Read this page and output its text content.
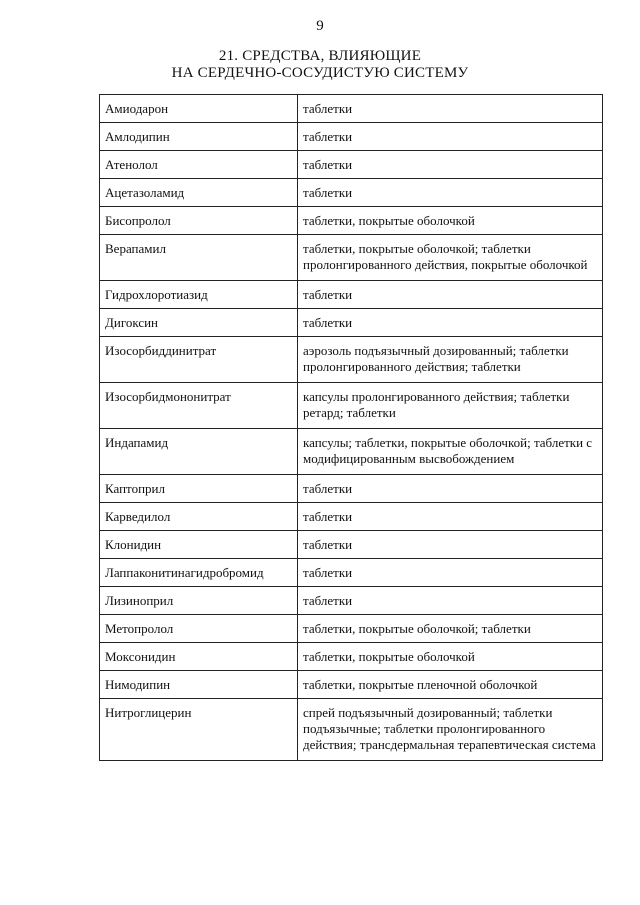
9
21. СРЕДСТВА, ВЛИЯЮЩИЕ
НА СЕРДЕЧНО-СОСУДИСТУЮ СИСТЕМУ
Амиодарон	таблетки
Амлодипин	таблетки
Атенолол	таблетки
Ацетазоламид	таблетки
Бисопролол	таблетки, покрытые оболочкой
Верапамил	таблетки, покрытые оболочкой; таблетки пролонгированного действия, покрытые оболочкой
Гидрохлоротиазид	таблетки
Дигоксин	таблетки
Изосорбиддинитрат	аэрозоль подъязычный дозированный; таблетки пролонгированного действия; таблетки
Изосорбидмононитрат	капсулы пролонгированного действия; таблетки ретард; таблетки
Индапамид	капсулы; таблетки, покрытые оболочкой; таблетки с модифицированным высвобождением
Каптоприл	таблетки
Карведилол	таблетки
Клонидин	таблетки
Лаппаконитинагидробромид	таблетки
Лизиноприл	таблетки
Метопролол	таблетки, покрытые оболочкой; таблетки
Моксонидин	таблетки, покрытые оболочкой
Нимодипин	таблетки, покрытые пленочной оболочкой
Нитроглицерин	спрей подъязычный дозированный; таблетки подъязычные; таблетки пролонгированного действия; трансдермальная терапевтическая система
